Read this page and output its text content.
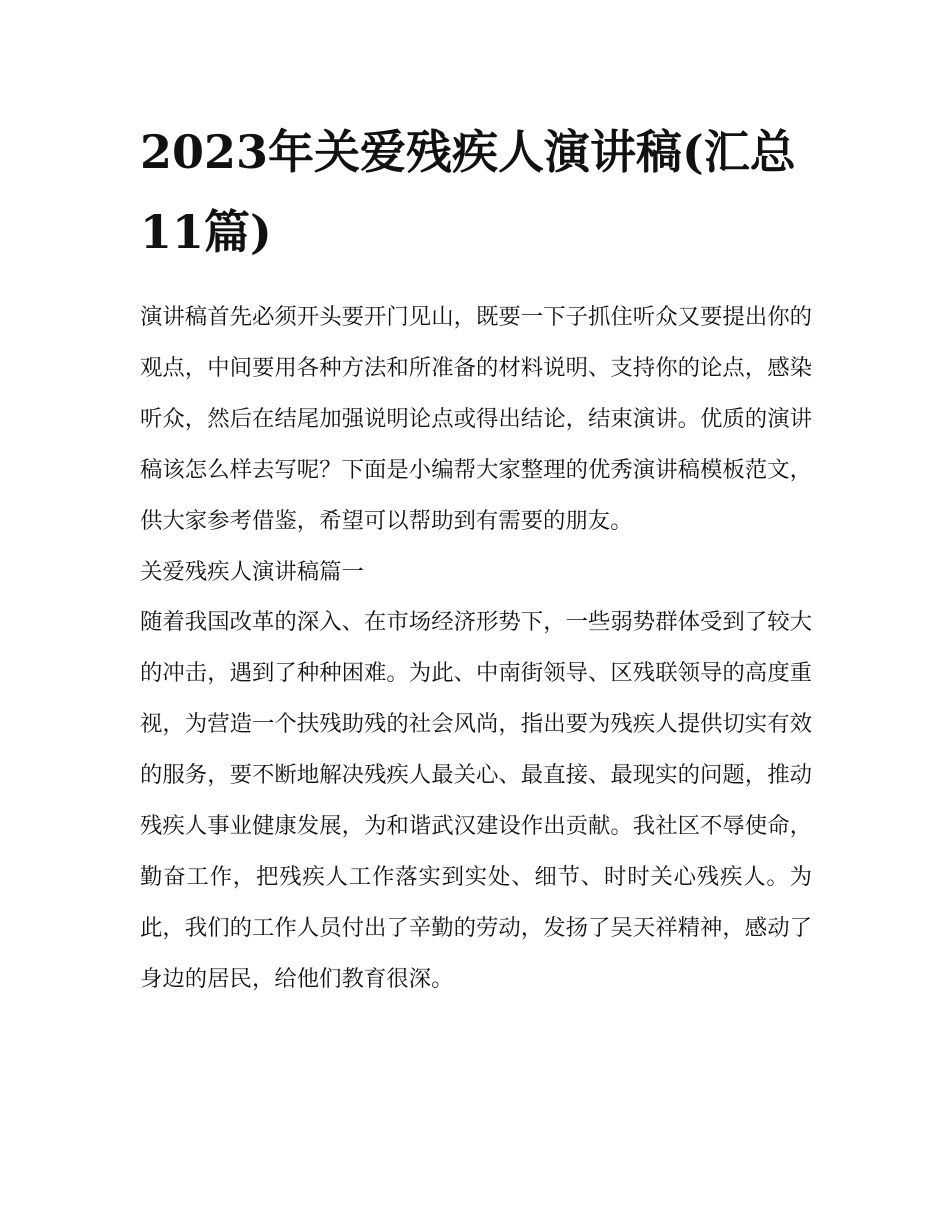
2023年关爱残疾人演讲稿(汇总11篇)

演讲稿首先必须开头要开门见山，既要一下子抓住听众又要提出你的观点，中间要用各种方法和所准备的材料说明、支持你的论点，感染听众，然后在结尾加强说明论点或得出结论，结束演讲。优质的演讲稿该怎么样去写呢？下面是小编帮大家整理的优秀演讲稿模板范文，供大家参考借鉴，希望可以帮助到有需要的朋友。

关爱残疾人演讲稿篇一

随着我国改革的深入、在市场经济形势下，一些弱势群体受到了较大的冲击，遇到了种种困难。为此、中南街领导、区残联领导的高度重视，为营造一个扶残助残的社会风尚，指出要为残疾人提供切实有效的服务，要不断地解决残疾人最关心、最直接、最现实的问题，推动残疾人事业健康发展，为和谐武汉建设作出贡献。我社区不辱使命，勤奋工作，把残疾人工作落实到实处、细节、时时关心残疾人。为此，我们的工作人员付出了辛勤的劳动，发扬了吴天祥精神，感动了身边的居民，给他们教育很深。
